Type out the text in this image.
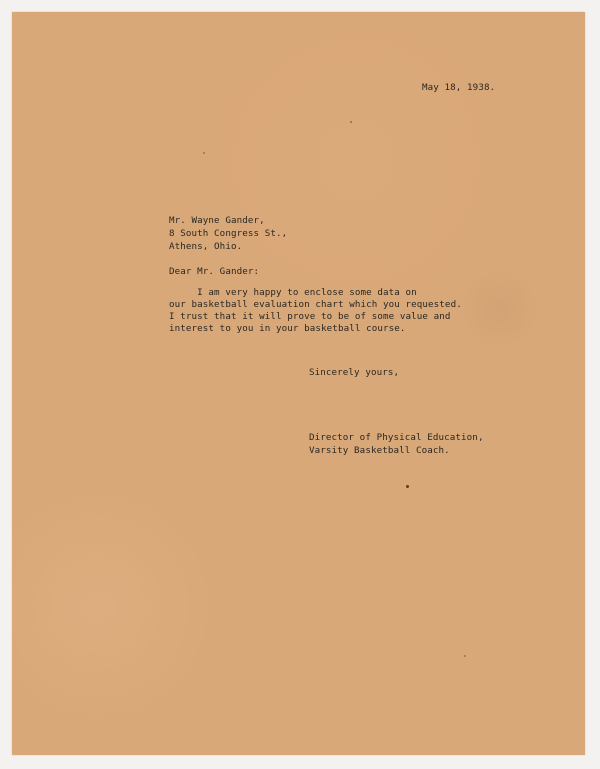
May 18, 1938.
Mr. Wayne Gander,
8 South Congress St.,
Athens, Ohio.
Dear Mr. Gander:
I am very happy to enclose some data on
our basketball evaluation chart which you requested.
I trust that it will prove to be of some value and
interest to you in your basketball course.
Sincerely yours,
Director of Physical Education,
Varsity Basketball Coach.
